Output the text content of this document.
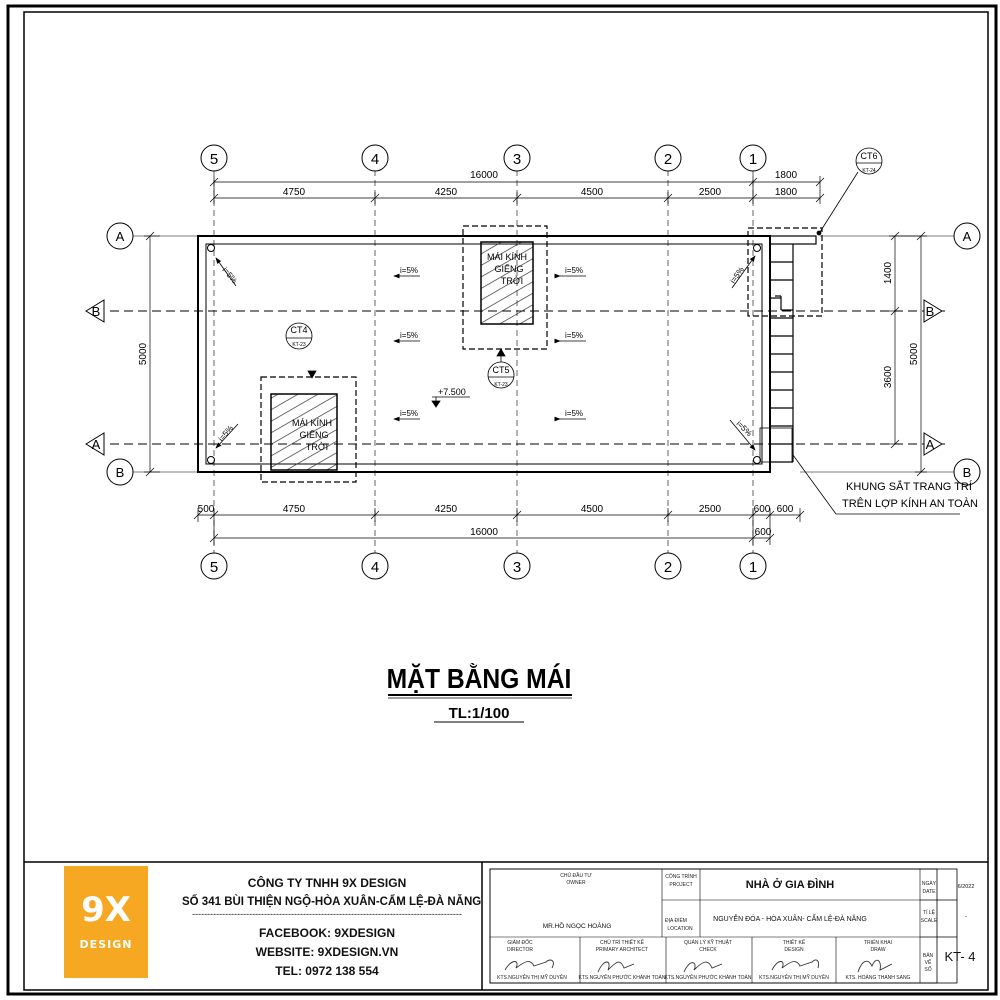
5	4	3	2	1
5	4	3	2	1
A
B
A
B
A
B
A
B
16000	1800
4750	4250	4500	2500	1800
500	4750	4250	4500	2500	600 600
16000	600
5000
1400
3600
5000
MÁI KÍNH
GIẾNG
TRỜI
MÁI KÍNH
GIẾNG
TRỜI
CT4
KT-23
CT5
KT-23
CT6
KT-24
i=5%
i=5%
i=5%
i=5%
i=5%
i=5%
i=5%
i=5%
i=5%
i=5%
+7.500
KHUNG SẮT TRANG TRÍ
TRÊN LỢP KÍNH AN TOÀN
MẶT BẰNG MÁI
TL:1/100
CHỦ ĐẦU TƯ
OWNER
CÔNG TRÌNH
PROJECT
ĐỊA ĐIỂM
LOCATION
NGÀY
DATE
TỈ LỆ
SCALE
BẢN
VẼ
SỐ
GIÁM ĐỐC
DIRECTOR
KTS.NGUYỄN THỊ MỸ DUYÊN
CHỦ TRÌ THIẾT KẾ
PRIMARY ARCHITECT
KTS.NGUYỄN PHƯỚC KHÁNH TOÀN
QUẢN LÝ KỸ THUẬT
CHECK
KTS.NGUYỄN PHƯỚC KHÁNH TOÀN
THIẾT KẾ
DESIGN
KTS.NGUYỄN THỊ MỸ DUYÊN
TRIỂN KHAI
DRAW
KTS. HOÀNG THANH SANG
MR.HỒ NGỌC HOÀNG
NHÀ Ở GIA ĐÌNH
NGUYỄN ĐÓA - HÒA XUÂN- CẨM LỆ-ĐÀ NẴNG
6/2022
-
KT- 4
9X
DESIGN
CÔNG TY TNHH 9X DESIGN
SỐ 341 BÙI THIỆN NGỘ-HÒA XUÂN-CẨM LỆ-ĐÀ NẴNG
------------------------------------------------------------------------------------------
FACEBOOK: 9XDESIGN
WEBSITE: 9XDESIGN.VN
TEL: 0972 138 554
